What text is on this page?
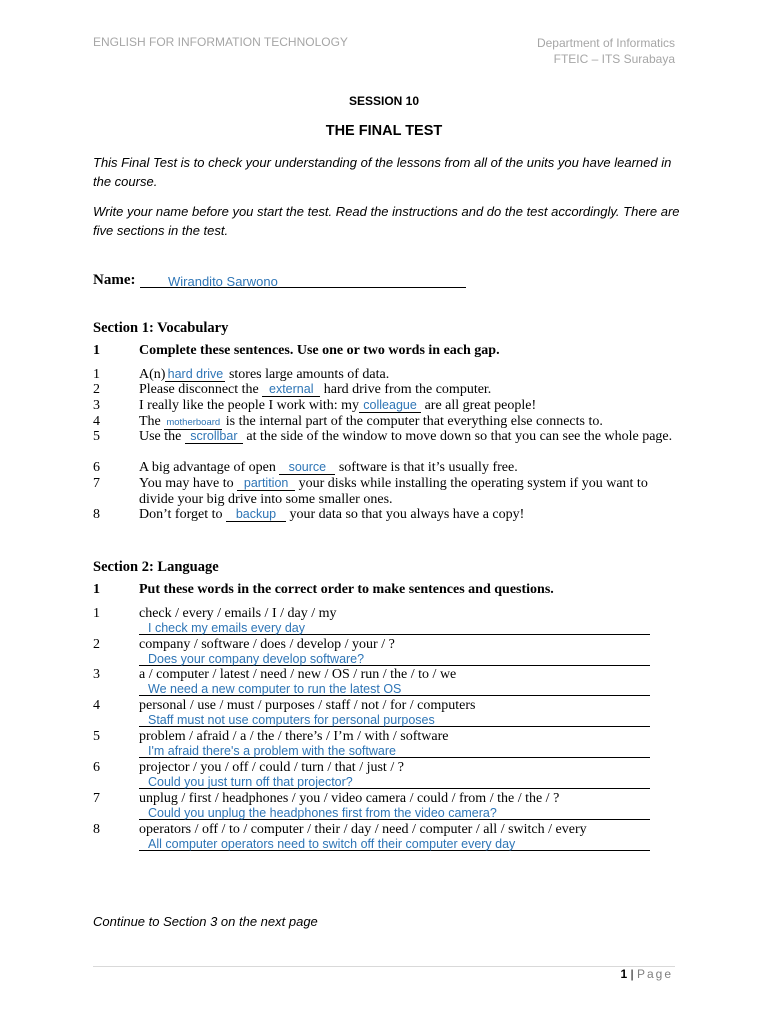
ENGLISH FOR INFORMATION TECHNOLOGY	Department of Informatics
FTEIC – ITS Surabaya
SESSION 10
THE FINAL TEST
This Final Test is to check your understanding of the lessons from all of the units you have learned in the course.
Write your name before you start the test. Read the instructions and do the test accordingly. There are five sections in the test.
Name:	Wirandito Sarwono
Section 1: Vocabulary
1	Complete these sentences. Use one or two words in each gap.
1	A(n) hard drive stores large amounts of data.
2	Please disconnect the external hard drive from the computer.
3	I really like the people I work with: my colleague are all great people!
4	The motherboard is the internal part of the computer that everything else connects to.
5	Use the scrollbar at the side of the window to move down so that you can see the whole page.
6	A big advantage of open source software is that it’s usually free.
7	You may have to partition your disks while installing the operating system if you want to divide your big drive into some smaller ones.
8	Don’t forget to backup your data so that you always have a copy!
Section 2: Language
1	Put these words in the correct order to make sentences and questions.
1	check / every / emails / I / day / my
I check my emails every day
2	company / software / does / develop / your / ?
Does your company develop software?
3	a / computer / latest / need / new / OS / run / the / to / we
We need a new computer to run the latest OS
4	personal / use / must / purposes / staff / not / for / computers
Staff must not use computers for personal purposes
5	problem / afraid / a / the / there’s / I’m / with / software
I'm afraid there's a problem with the software
6	projector / you / off / could / turn / that / just / ?
Could you just turn off that projector?
7	unplug / first / headphones / you / video camera / could / from / the / the / ?
Could you unplug the headphones first from the video camera?
8	operators / off / to / computer / their / day / need / computer / all / switch / every
All computer operators need to switch off their computer every day
Continue to Section 3 on the next page
1 | Page
